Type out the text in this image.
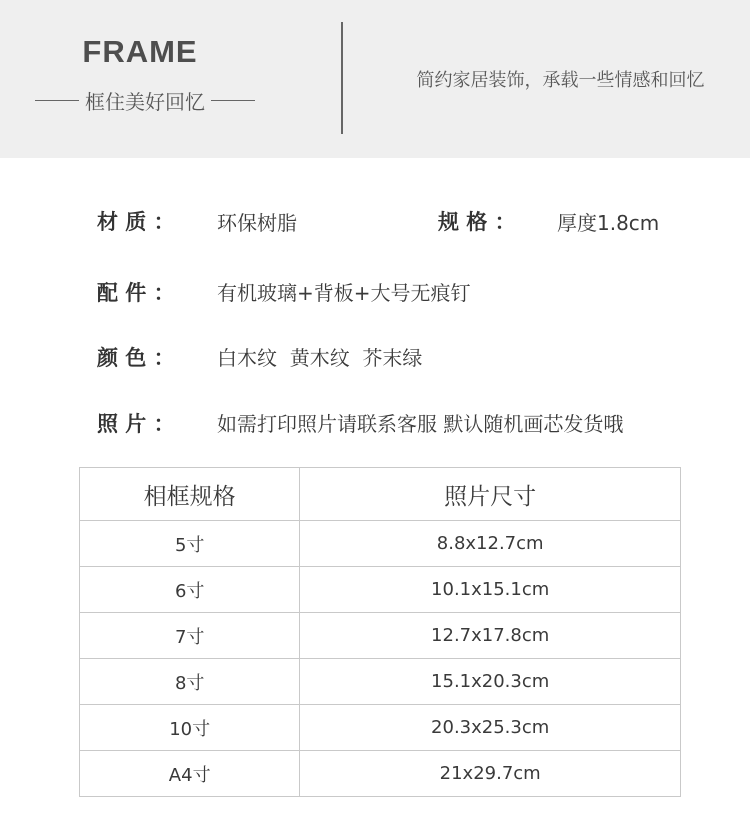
FRAME
框住美好回忆
简约家居装饰，承载一些情感和回忆
材 质 ： 环保树脂	规 格 ： 厚度1.8cm
配 件 ： 有机玻璃+背板+大号无痕钉
颜 色 ： 白木纹  黄木纹  芥末绿
照 片 ： 如需打印照片请联系客服 默认随机画芯发货哦
相框规格	照片尺寸
5寸	8.8x12.7cm
6寸	10.1x15.1cm
7寸	12.7x17.8cm
8寸	15.1x20.3cm
10寸	20.3x25.3cm
A4寸	21x29.7cm
